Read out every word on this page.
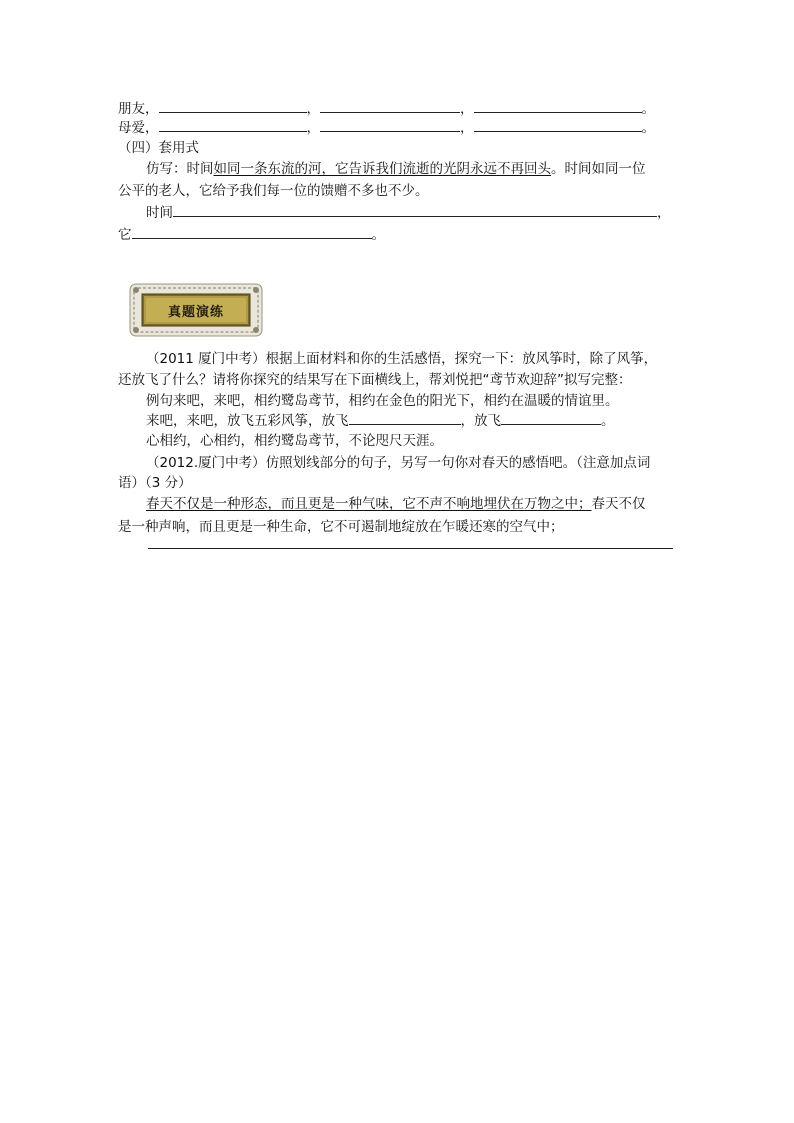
朋友，	，	，	。
母爱，	，	，	。
（四）套用式
仿写：时间如同一条东流的河，它告诉我们流逝的光阴永远不再回头。时间如同一位
公平的老人，它给予我们每一位的馈赠不多也不少。
时间	，
它	。
真题演练
（2011 厦门中考）根据上面材料和你的生活感悟，探究一下：放风筝时，除了风筝，
还放飞了什么？请将你探究的结果写在下面横线上，帮刘悦把“鸢节欢迎辞”拟写完整：
例句来吧，来吧，相约鹭岛鸢节，相约在金色的阳光下，相约在温暖的情谊里。
来吧，来吧，放飞五彩风筝，放飞	，放飞	。
心相约，心相约，相约鹭岛鸢节，不论咫尺天涯。
（2012.厦门中考）仿照划线部分的句子，另写一句你对春天的感悟吧。（注意加点词
语）（3 分）
春天不仅是一种形态，而且更是一种气味，它不声不响地埋伏在万物之中；春天不仅
是一种声响，而且更是一种生命，它不可遏制地绽放在乍暖还寒的空气中；
